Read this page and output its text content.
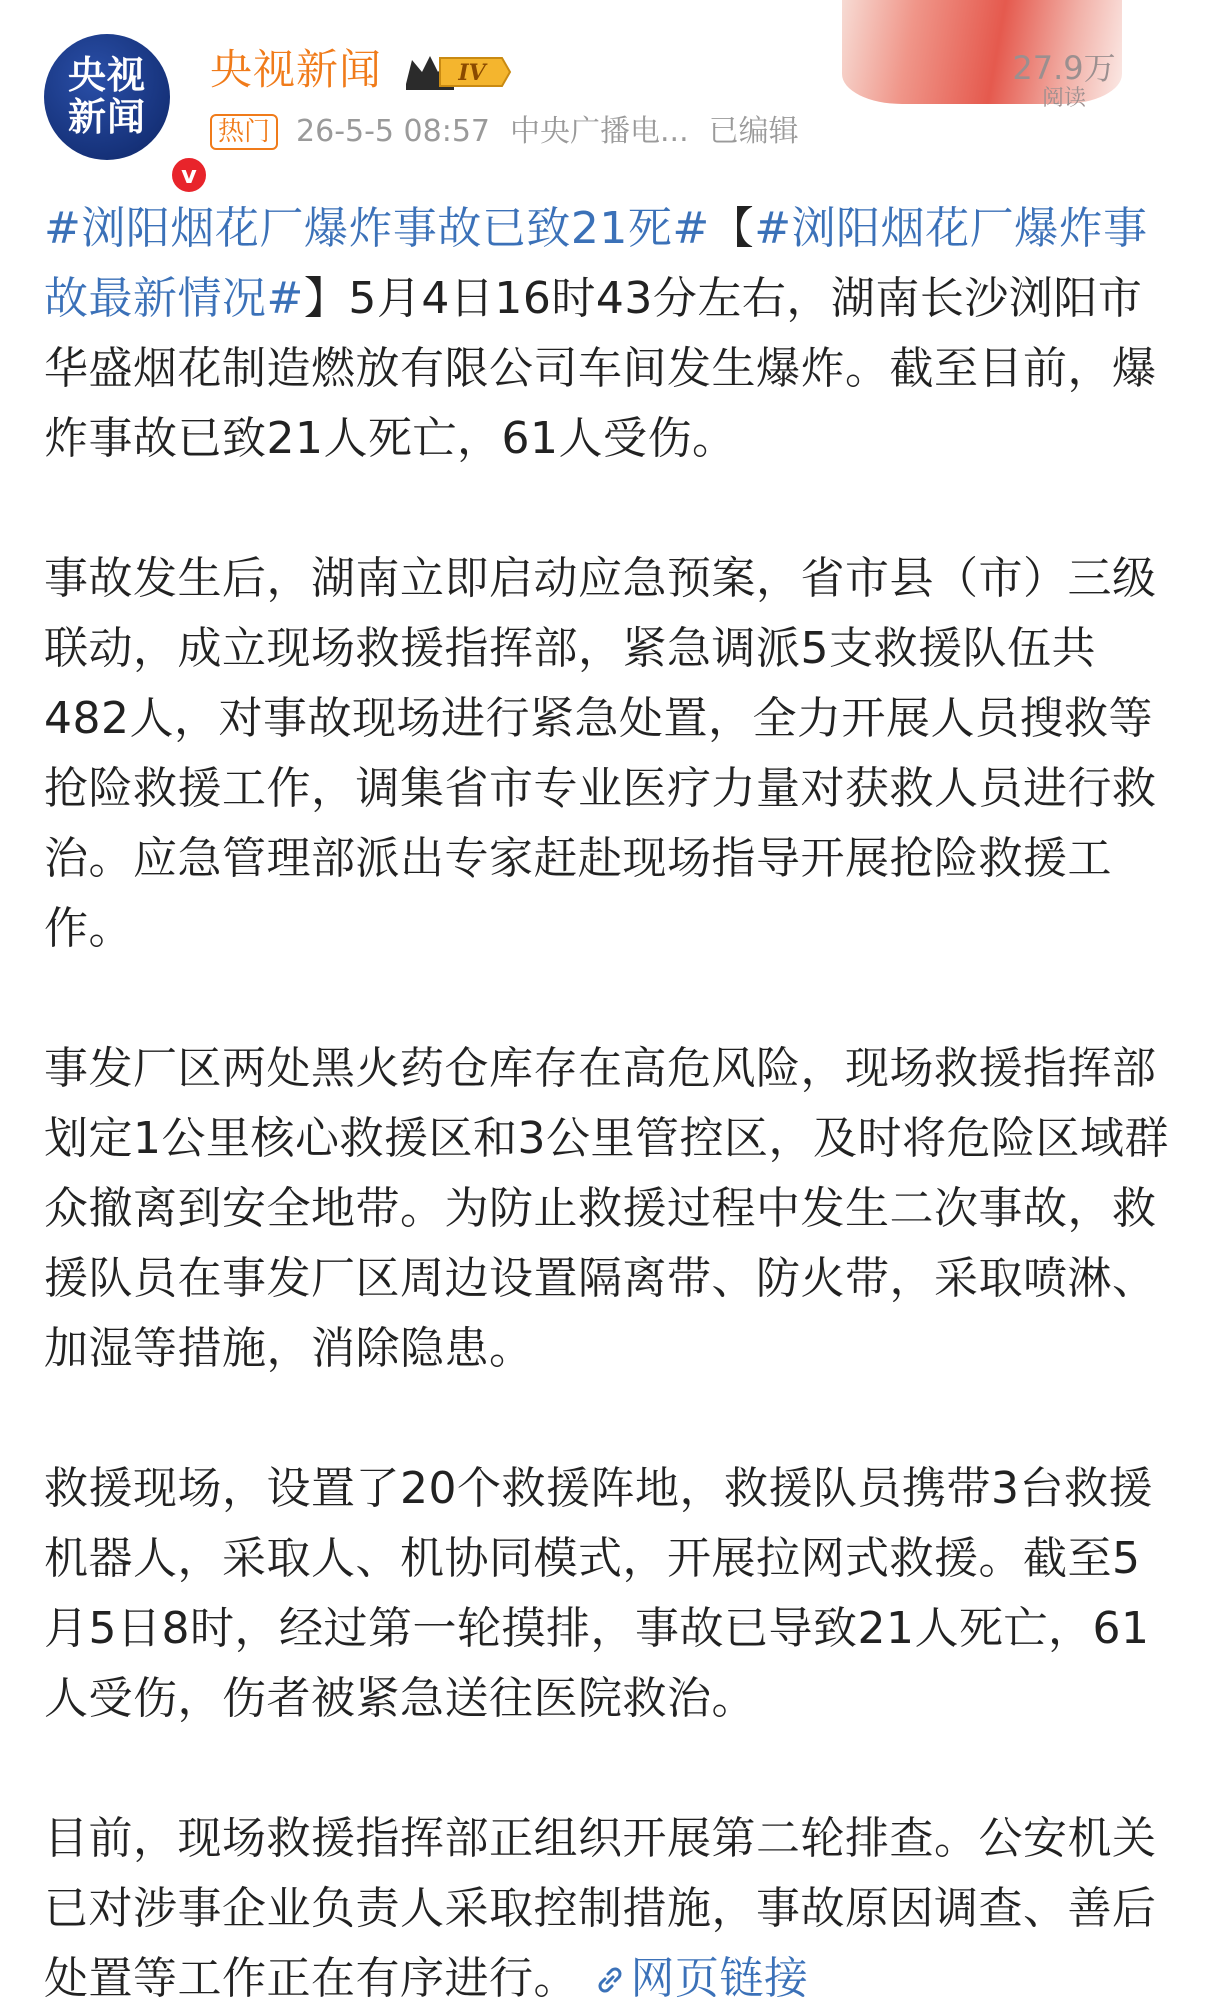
央视
新闻
v
央视新闻	IV
热门 26-5-5 08:57 中央广播电... 已编辑
27.9万
阅读

#浏阳烟花厂爆炸事故已致21死#【#浏阳烟花厂爆炸事故最新情况#】5月4日16时43分左右，湖南长沙浏阳市华盛烟花制造燃放有限公司车间发生爆炸。截至目前，爆炸事故已致21人死亡，61人受伤。

事故发生后，湖南立即启动应急预案，省市县（市）三级联动，成立现场救援指挥部，紧急调派5支救援队伍共482人，对事故现场进行紧急处置，全力开展人员搜救等抢险救援工作，调集省市专业医疗力量对获救人员进行救治。应急管理部派出专家赶赴现场指导开展抢险救援工作。

事发厂区两处黑火药仓库存在高危风险，现场救援指挥部划定1公里核心救援区和3公里管控区，及时将危险区域群众撤离到安全地带。为防止救援过程中发生二次事故，救援队员在事发厂区周边设置隔离带、防火带，采取喷淋、加湿等措施，消除隐患。

救援现场，设置了20个救援阵地，救援队员携带3台救援机器人，采取人、机协同模式，开展拉网式救援。截至5月5日8时，经过第一轮摸排，事故已导致21人死亡，61人受伤，伤者被紧急送往医院救治。

目前，现场救援指挥部正组织开展第二轮排查。公安机关已对涉事企业负责人采取控制措施，事故原因调查、善后处置等工作正在有序进行。 网页链接
